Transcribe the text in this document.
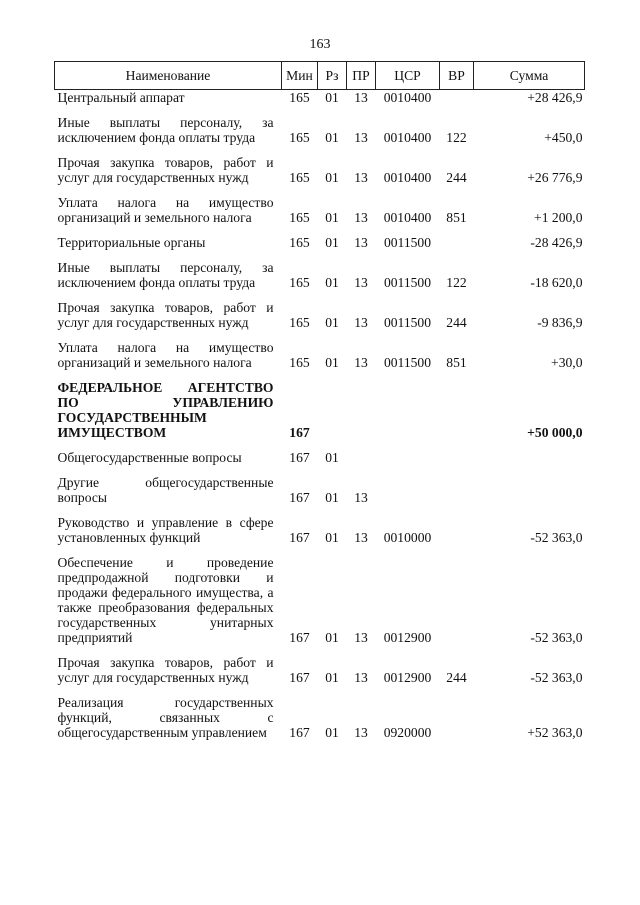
163
Наименование	Мин	Рз	ПР	ЦСР	ВР	Сумма
Центральный аппарат	165	01	13	0010400		+28 426,9
Иные выплаты персоналу, за исключением фонда оплаты труда	165	01	13	0010400	122	+450,0
Прочая закупка товаров, работ и услуг для государственных нужд	165	01	13	0010400	244	+26 776,9
Уплата налога на имущество организаций и земельного налога	165	01	13	0010400	851	+1 200,0
Территориальные органы	165	01	13	0011500		-28 426,9
Иные выплаты персоналу, за исключением фонда оплаты труда	165	01	13	0011500	122	-18 620,0
Прочая закупка товаров, работ и услуг для государственных нужд	165	01	13	0011500	244	-9 836,9
Уплата налога на имущество организаций и земельного налога	165	01	13	0011500	851	+30,0
ФЕДЕРАЛЬНОЕ АГЕНТСТВО ПО УПРАВЛЕНИЮ ГОСУДАРСТВЕННЫМ ИМУЩЕСТВОМ	167					+50 000,0
Общегосударственные вопросы	167	01				
Другие общегосударственные вопросы	167	01	13			
Руководство и управление в сфере установленных функций	167	01	13	0010000		-52 363,0
Обеспечение и проведение предпродажной подготовки и продажи федерального имущества, а также преобразования федеральных государственных унитарных предприятий	167	01	13	0012900		-52 363,0
Прочая закупка товаров, работ и услуг для государственных нужд	167	01	13	0012900	244	-52 363,0
Реализация государственных функций, связанных с общегосударственным управлением	167	01	13	0920000		+52 363,0
